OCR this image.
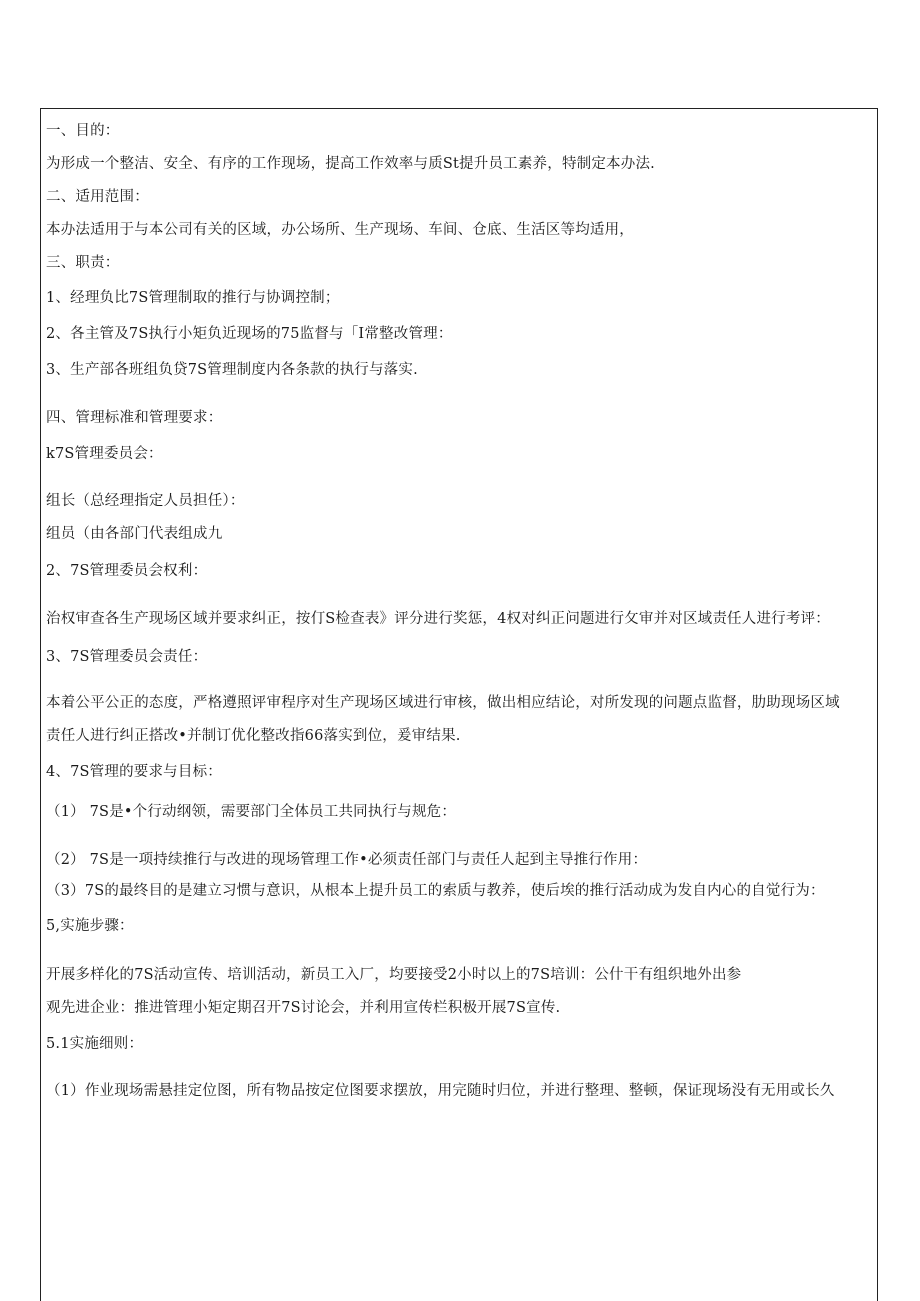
一、目的：
为形成一个整洁、安全、有序的工作现场，提高工作效率与质St提升员工素养，特制定本办法.
二、适用范围：
本办法适用于与本公司有关的区域，办公场所、生产现场、车间、仓底、生活区等均适用，
三、职责：
1、经理负比7S管理制取的推行与协调控制；
2、各主管及7S执行小矩负近现场的75监督与「I常整改管理：
3、生产部各班组负贷7S管理制度内各条款的执行与落实.
四、管理标准和管理要求：
k7S管理委员会：
组长（总经理指定人员担任）：
组员（由各部门代表组成九
2、7S管理委员会权利：
治权审查各生产现场区域并要求纠正，按仃S检查表》评分进行奖惩，4权对纠正问题进行攵审并对区域责任人进行考评：
3、7S管理委员会责任：
本着公平公正的态度，严格遵照评审程序对生产现场区域进行审核，做出相应结论，对所发现的问题点监督，肋助现场区域
责任人进行纠正搭改•并制订优化整改指66落实到位，爰审结果.
4、7S管理的要求与目标：
（1） 7S是•个行动纲领，需要部门全体员工共同执行与规危：
（2） 7S是一项持续推行与改进的现场管理工作•必须责任部门与责任人起到主导推行作用：
（3）7S的最终目的是建立习惯与意识，从根本上提升员工的索质与教养，使后埃的推行活动成为发自内心的自觉行为：
5,实施步骤：
开展多样化的7S活动宣传、培训活动，新员工入厂，均要接受2小时以上的7S培训：公什干有组织地外出参
观先进企业：推进管理小矩定期召开7S讨论会，并利用宣传栏积极开展7S宣传.
5.1实施细则：
（1）作业现场需悬挂定位图，所有物品按定位图要求摆放，用完随时归位，并进行整理、整顿，保证现场没有无用或长久
